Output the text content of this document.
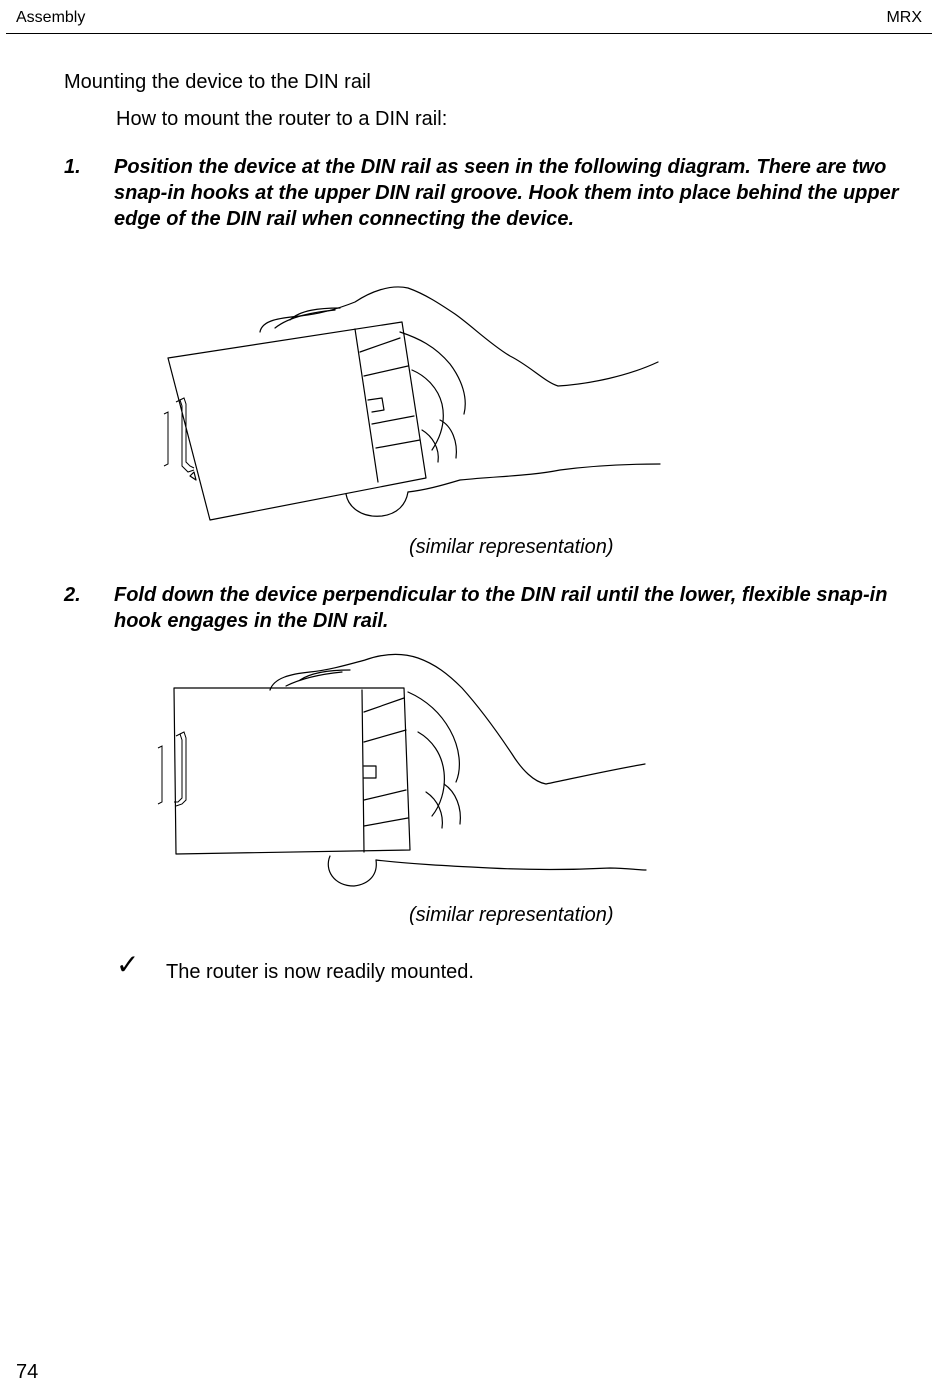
Assembly	MRX
Mounting the device to the DIN rail
How to mount the router to a DIN rail:
1. Position the device at the DIN rail as seen in the following diagram. There are two snap-in hooks at the upper DIN rail groove. Hook them into place behind the upper edge of the DIN rail when connecting the device.
(similar representation)
2. Fold down the device perpendicular to the DIN rail until the lower, flexible snap-in hook engages in the DIN rail.
(similar representation)
✓ The router is now readily mounted.
74
